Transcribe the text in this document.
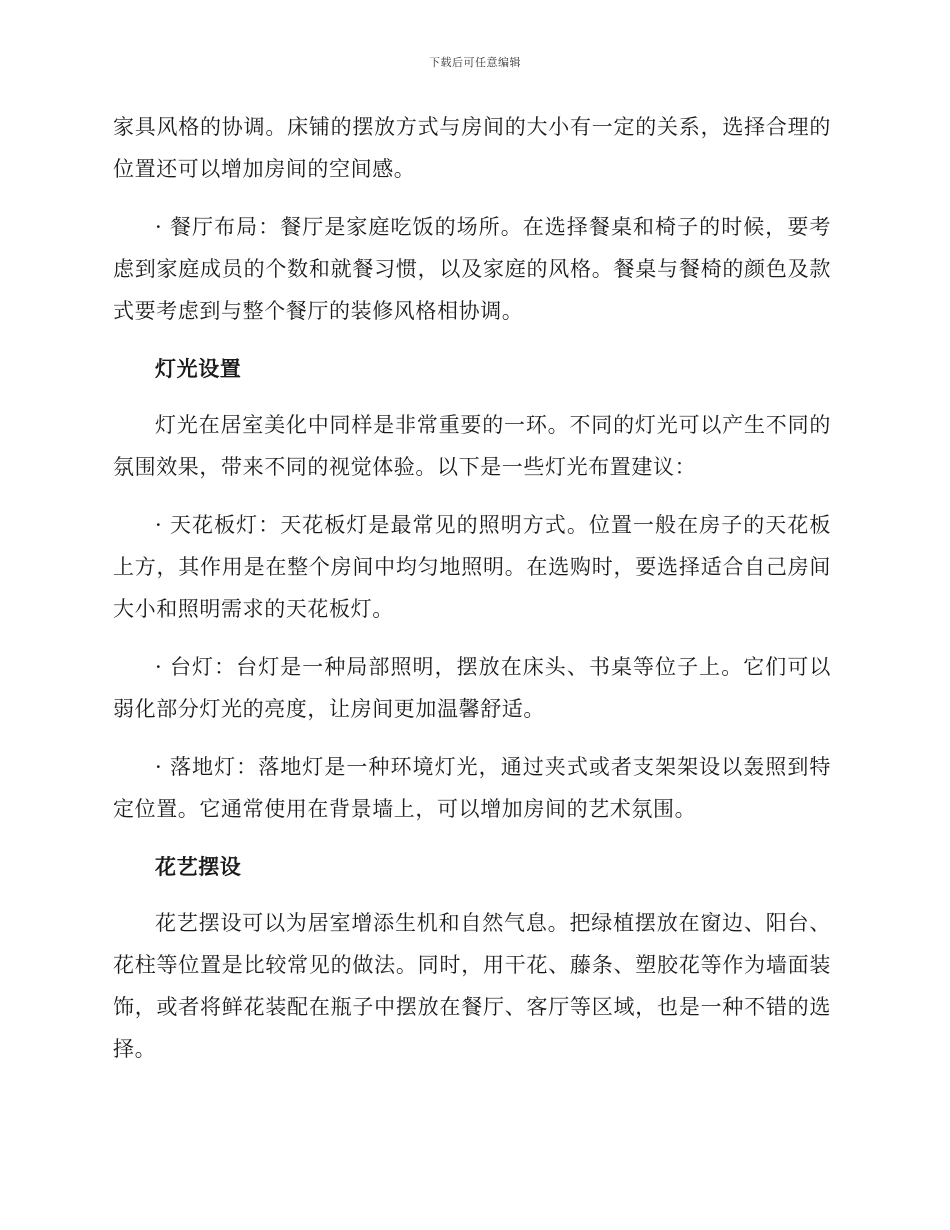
下载后可任意编辑

家具风格的协调。床铺的摆放方式与房间的大小有一定的关系，选择合理的位置还可以增加房间的空间感。

· 餐厅布局：餐厅是家庭吃饭的场所。在选择餐桌和椅子的时候，要考虑到家庭成员的个数和就餐习惯，以及家庭的风格。餐桌与餐椅的颜色及款式要考虑到与整个餐厅的装修风格相协调。

灯光设置

灯光在居室美化中同样是非常重要的一环。不同的灯光可以产生不同的氛围效果，带来不同的视觉体验。以下是一些灯光布置建议：

· 天花板灯：天花板灯是最常见的照明方式。位置一般在房子的天花板上方，其作用是在整个房间中均匀地照明。在选购时，要选择适合自己房间大小和照明需求的天花板灯。

· 台灯：台灯是一种局部照明，摆放在床头、书桌等位子上。它们可以弱化部分灯光的亮度，让房间更加温馨舒适。

· 落地灯：落地灯是一种环境灯光，通过夹式或者支架架设以轰照到特定位置。它通常使用在背景墙上，可以增加房间的艺术氛围。

花艺摆设

花艺摆设可以为居室增添生机和自然气息。把绿植摆放在窗边、阳台、花柱等位置是比较常见的做法。同时，用干花、藤条、塑胶花等作为墙面装饰，或者将鲜花装配在瓶子中摆放在餐厅、客厅等区域，也是一种不错的选择。
